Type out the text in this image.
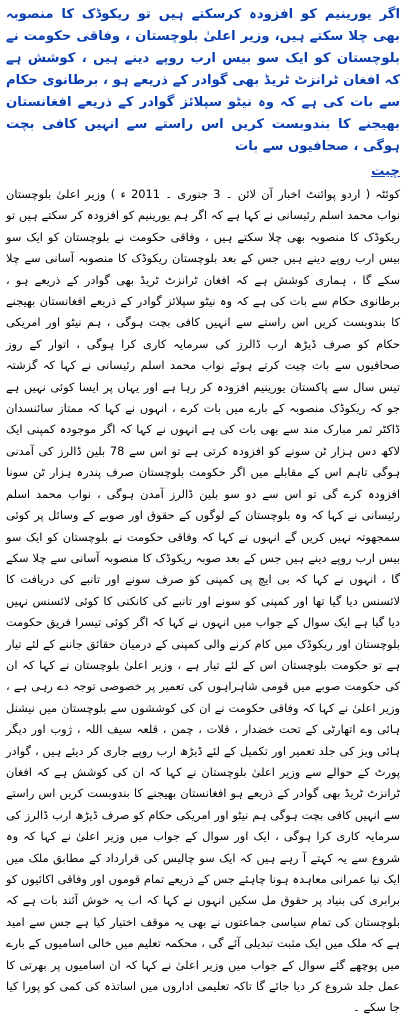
اگر یورینیم کو افزودہ کرسکتے ہیں تو ریکوڈک کا منصوبہ بھی چلا سکتے ہیں، وزیر اعلیٰ بلوچستان ، وفاقی حکومت نے بلوچستان کو ایک سو بیس ارب روپے دینے ہیں ، کوشش ہے کہ افغان ٹرانزٹ ٹریڈ بھی گوادر کے ذریعے ہو ، برطانوی حکام سے بات کی ہے کہ وہ نیٹو سپلائز گوادر کے ذریعے افغانستان بھیجنے کا بندوبست کریں اس راستے سے انہیں کافی بچت ہوگی ، صحافیوں سے بات
چیت

کوئٹہ ( اردو پوائنٹ اخبار آن لائن ۔ 3 جنوری ۔ 2011 ء ) وزیر اعلیٰ بلوچستان نواب محمد اسلم رئیسانی نے کہا ہے کہ اگر ہم یورینیم کو افزودہ کر سکتے ہیں تو ریکوڈک کا منصوبہ بھی چلا سکتے ہیں ، وفاقی حکومت نے بلوچستان کو ایک سو بیس ارب روپے دینے ہیں جس کے بعد بلوچستان ریکوڈک کا منصوبہ آسانی سے چلا سکے گا ، ہماری کوشش ہے کہ افغان ٹرانزٹ ٹریڈ بھی گوادر کے ذریعے ہو ، برطانوی حکام سے بات کی ہے کہ وہ نیٹو سپلائز گوادر کے ذریعے افغانستان بھیجنے کا بندوبست کریں اس راستے سے انہیں کافی بچت ہوگی ، ہم نیٹو اور امریکی حکام کو صرف ڈیڑھ ارب ڈالرز کی سرمایہ کاری کرا ہوگی ، اتوار کے روز صحافیوں سے بات چیت کرتے ہوئے نواب محمد اسلم رئیسانی نے کہا کہ گزشتہ تیس سال سے پاکستان یورینیم افزودہ کر رہا ہے اور یہاں پر ایسا کوئی نہیں ہے جو کہ ریکوڈک منصوبہ کے بارے میں بات کرے ، انہوں نے کہا کہ ممتاز سائنسدان ڈاکٹر ثمر مبارک مند سے بھی بات کی ہے انہوں نے کہا کہ اگر موجودہ کمپنی ایک لاکھ دس ہزار ٹن سونے کو افزودہ کرتی ہے تو اس سے 78 بلین ڈالرز کی آمدنی ہوگی تاہم اس کے مقابلے میں اگر حکومت بلوچستان صرف پندرہ ہزار ٹن سونا افزودہ کرے گی تو اس سے دو سو بلین ڈالرز آمدن ہوگی ، نواب محمد اسلم رئیسانی نے کہا کہ وہ بلوچستان کے لوگوں کے حقوق اور صوبے کے وسائل پر کوئی سمجھوتہ نہیں کریں گے انہوں نے کہا کہ وفاقی حکومت نے بلوچستان کو ایک سو بیس ارب روپے دینے ہیں جس کے بعد صوبہ ریکوڈک کا منصوبہ آسانی سے چلا سکے گا ، انہوں نے کہا کہ بی ایچ پی کمپنی کو صرف سونے اور تانبے کی دریافت کا لائسنس دیا گیا تھا اور کمپنی کو سونے اور تانبے کی کانکنی کا کوئی لائسنس نہیں دیا گیا ہے ایک سوال کے جواب میں انہوں نے کہا کہ اگر کوئی تیسرا فریق حکومت بلوچستان اور ریکوڈک میں کام کرنے والی کمپنی کے درمیان حقائق جاننے کے لئے تیار ہے تو حکومت بلوچستان اس کے لئے تیار ہے ، وزیر اعلیٰ بلوچستان نے کہا کہ ان کی حکومت صوبے میں قومی شاہراہوں کی تعمیر پر خصوصی توجہ دے رہی ہے ، وزیر اعلیٰ نے کہا کہ وفاقی حکومت نے ان کی کوششوں سے بلوچستان میں نیشنل ہائی وے اتھارٹی کے تحت خضدار ، قلات ، چمن ، قلعہ سیف اللہ ، ژوب اور دیگر ہائی ویز کی جلد تعمیر اور تکمیل کے لئے ڈیڑھ ارب روپے جاری کر دیئے ہیں ، گوادر پورٹ کے حوالے سے وزیر اعلیٰ بلوچستان نے کہا کہ ان کی کوشش ہے کہ افغان ٹرانزٹ ٹریڈ بھی گوادر کے ذریعے ہو افغانستان بھیجنے کا بندوبست کریں اس راستے سے انہیں کافی بچت ہوگی ہم نیٹو اور امریکی حکام کو صرف ڈیڑھ ارب ڈالرز کی سرمایہ کاری کرا ہوگی ، ایک اور سوال کے جواب میں وزیر اعلیٰ نے کہا کہ وہ شروع سے یہ کہتے آ رہے ہیں کہ ایک سو چالیس کی قرارداد کے مطابق ملک میں ایک نیا عمرانی معاہدہ ہونا چاہئے جس کے ذریعے تمام قوموں اور وفاقی اکائیوں کو برابری کی بنیاد پر حقوق مل سکیں انہوں نے کہا کہ اب یہ خوش آئند بات ہے کہ بلوچستان کی تمام سیاسی جماعتوں نے بھی یہ موقف اختیار کیا ہے جس سے امید ہے کہ ملک میں ایک مثبت تبدیلی آئے گی ، محکمہ تعلیم میں خالی اسامیوں کے بارے میں پوچھے گئے سوال کے جواب میں وزیر اعلیٰ نے کہا کہ ان اسامیوں پر بھرتی کا عمل جلد شروع کر دیا جائے گا تاکہ تعلیمی اداروں میں اساتذہ کی کمی کو پورا کیا جا سکے ۔
